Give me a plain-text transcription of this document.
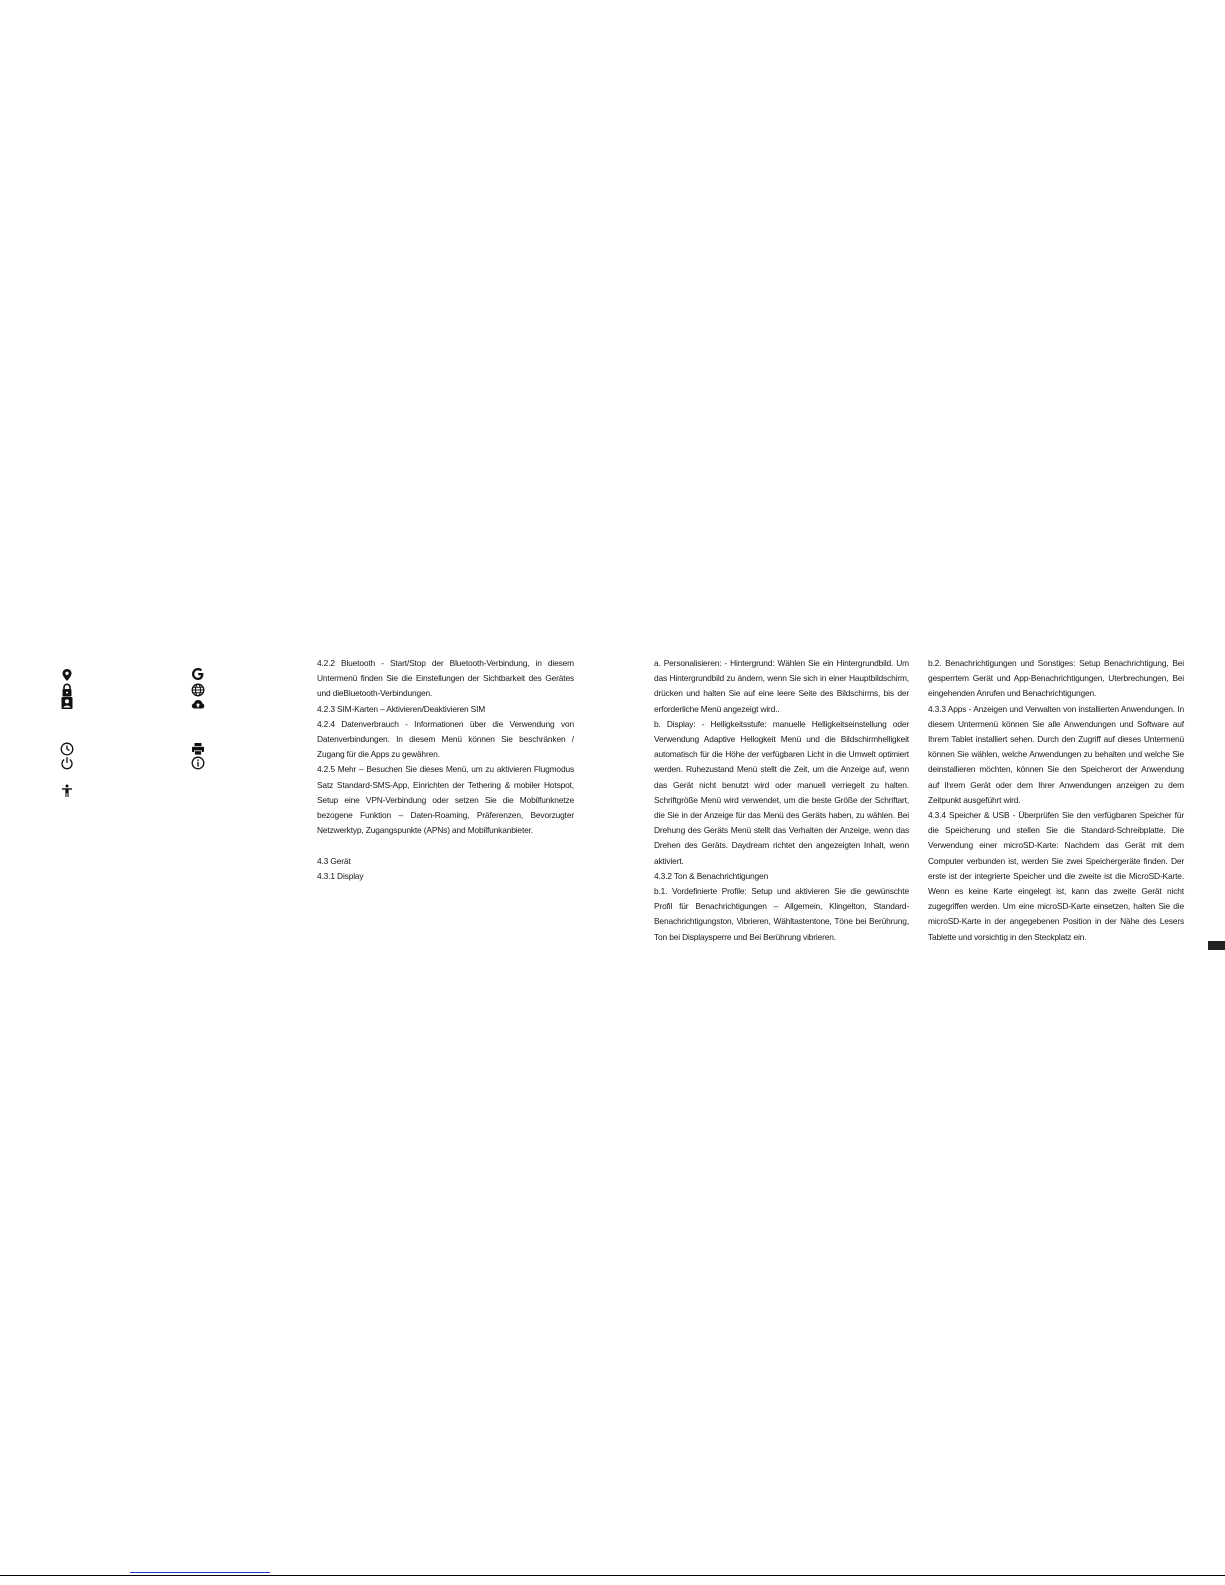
4.2.2 Bluetooth - Start/Stop der Bluetooth-Verbindung, in diesem Untermenü finden Sie die Einstellungen der Sichtbarkeit des Gerätes und dieBluetooth-Verbindungen.

4.2.3 SIM-Karten – Aktivieren/Deaktivieren SIM

4.2.4 Datenverbrauch - Informationen über die Verwendung von Datenverbindungen. In diesem Menü können Sie beschränken / Zugang für die Apps zu gewähren.

4.2.5 Mehr – Besuchen Sie dieses Menü, um zu aktivieren Flugmodus Satz Standard-SMS-App, Einrichten der Tethering & mobiler Hotspot, Setup eine VPN-Verbindung oder setzen Sie die Mobilfunknetze bezogene Funktion – Daten-Roaming, Präferenzen, Bevorzugter Netzwerktyp, Zugangspunkte (APNs) and Mobilfunkanbieter.

4.3 Gerät

4.3.1 Display

a. Personalisieren: - Hintergrund: Wählen Sie ein Hintergrundbild. Um das Hintergrundbild zu ändern, wenn Sie sich in einer Hauptbildschirm, drücken und halten Sie auf eine leere Seite des Bildschirms, bis der erforderliche Menü angezeigt wird..

b. Display: - Helligkeitsstufe: manuelle Helligkeitseinstellung oder Verwendung Adaptive Hellogkeit Menü und die Bildschirmhelligkeit automatisch für die Höhe der verfügbaren Licht in die Umwelt optimiert werden. Ruhezustand Menü stellt die Zeit, um die Anzeige auf, wenn das Gerät nicht benutzt wird oder manuell verriegelt zu halten. Schriftgröße Menü wird verwendet, um die beste Größe der Schriftart, die Sie in der Anzeige für das Menü des Geräts haben, zu wählen. Bei Drehung des Geräts Menü stellt das Verhalten der Anzeige, wenn das Drehen des Geräts. Daydream richtet den angezeigten Inhalt, wenn aktiviert.

4.3.2 Ton & Benachrichtigungen

b.1. Vordefinierte Profile: Setup und aktivieren Sie die gewünschte Profil für Benachrichtigungen – Allgemein, Klingelton, Standard-Benachrichtigungston, Vibrieren, Wähltastentone, Töne bei Berührung, Ton bei Displaysperre und Bei Berührung vibrieren.

b.2. Benachrichtigungen und Sonstiges: Setup Benachrichtigung, Bei gesperrtem Gerät und App-Benachrichtigungen, Uterbrechungen, Bei eingehenden Anrufen und Benachrichtigungen.

4.3.3 Apps - Anzeigen und Verwalten von installierten Anwendungen. In diesem Untermenü können Sie alle Anwendungen und Software auf Ihrem Tablet installiert sehen. Durch den Zugriff auf dieses Untermenü können Sie wählen, welche Anwendungen zu behalten und welche Sie deinstallieren möchten, können Sie den Speicherort der Anwendung auf Ihrem Gerät oder dem Ihrer Anwendungen anzeigen zu dem Zeitpunkt ausgeführt wird.

4.3.4 Speicher & USB - Überprüfen Sie den verfügbaren Speicher für die Speicherung und stellen Sie die Standard-Schreibplatte. Die Verwendung einer microSD-Karte: Nachdem das Gerät mit dem Computer verbunden ist, werden Sie zwei Speichergeräte finden. Der erste ist der integrierte Speicher und die zweite ist die MicroSD-Karte. Wenn es keine Karte eingelegt ist, kann das zweite Gerät nicht zugegriffen werden. Um eine microSD-Karte einsetzen, halten Sie die microSD-Karte in der angegebenen Position in der Nähe des Lesers Tablette und vorsichtig in den Steckplatz ein.
